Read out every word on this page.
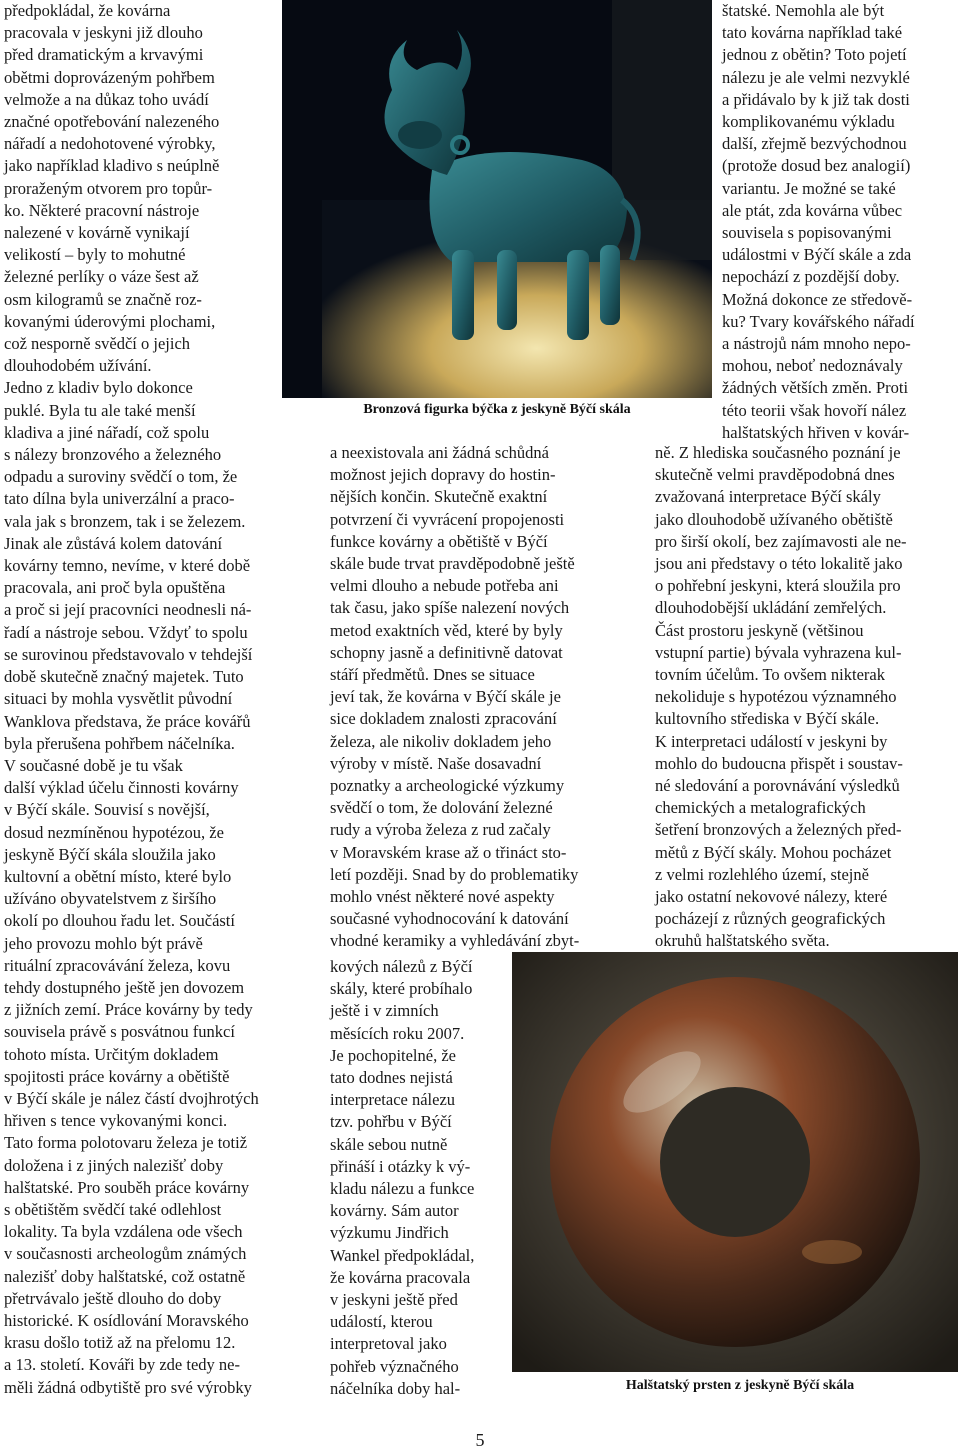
předpokládal, že kovárna
pracovala v jeskyni již dlouho
před dramatickým a krvavými
obětmi doprovázeným pohřbem
velmože a na důkaz toho uvádí
značné opotřebování nalezeného
nářadí a nedohotovené výrobky,
jako například kladivo s neúplně
proraženým otvorem pro topůr-
ko. Některé pracovní nástroje
nalezené v kovárně vynikají
velikostí – byly to mohutné
železné perlíky o váze šest až
osm kilogramů se značně roz-
kovanými úderovými plochami,
což nesporně svědčí o jejich
dlouhodobém užívání.
Jedno z kladiv bylo dokonce
puklé. Byla tu ale také menší
kladiva a jiné nářadí, což spolu
s nálezy bronzového a železného
odpadu a suroviny svědčí o tom, že
tato dílna byla univerzální a praco-
vala jak s bronzem, tak i se železem.
Jinak ale zůstává kolem datování
kovárny temno, nevíme, v které době
pracovala, ani proč byla opuštěna
a proč si její pracovníci neodnesli ná-
řadí a nástroje sebou. Vždyť to spolu
se surovinou představovalo v tehdejší
době skutečně značný majetek. Tuto
situaci by mohla vysvětlit původní
Wanklova představa, že práce kovářů
byla přerušena pohřbem náčelníka.
V současné době je tu však
další výklad účelu činnosti kovárny
v Býčí skále. Souvisí s novější,
dosud nezmíněnou hypotézou, že
jeskyně Býčí skála sloužila jako
kultovní a obětní místo, které bylo
užíváno obyvatelstvem z širšího
okolí po dlouhou řadu let. Součástí
jeho provozu mohlo být právě
rituální zpracovávání železa, kovu
tehdy dostupného ještě jen dovozem
z jižních zemí. Práce kovárny by tedy
souvisela právě s posvátnou funkcí
tohoto místa. Určitým dokladem
spojitosti práce kovárny a obětiště
v Býčí skále je nález částí dvojhrotých
hřiven s tence vykovanými konci.
Tato forma polotovaru železa je totiž
doložena i z jiných nalezišť doby
halštatské. Pro souběh práce kovárny
s obětištěm svědčí také odlehlost
lokality. Ta byla vzdálena ode všech
v současnosti archeologům známých
nalezišť doby halštatské, což ostatně
přetrvávalo ještě dlouho do doby
historické. K osídlování Moravského
krasu došlo totiž až na přelomu 12.
a 13. století. Kováři by zde tedy ne-
měli žádná odbytiště pro své výrobky
Bronzová figurka býčka z jeskyně Býčí skála
a neexistovala ani žádná schůdná
možnost jejich dopravy do hostin-
nějších končin. Skutečně exaktní
potvrzení či vyvrácení propojenosti
funkce kovárny a obětiště v Býčí
skále bude trvat pravděpodobně ještě
velmi dlouho a nebude potřeba ani
tak času, jako spíše nalezení nových
metod exaktních věd, které by byly
schopny jasně a definitivně datovat
stáří předmětů. Dnes se situace
jeví tak, že kovárna v Býčí skále je
sice dokladem znalosti zpracování
železa, ale nikoliv dokladem jeho
výroby v místě. Naše dosavadní
poznatky a archeologické výzkumy
svědčí o tom, že dolování železné
rudy a výroba železa z rud začaly
v Moravském krase až o třináct sto-
letí později. Snad by do problematiky
mohlo vnést některé nové aspekty
současné vyhodnocování k datování
vhodné keramiky a vyhledávání zbyt-
kových nálezů z Býčí
skály, které probíhalo
ještě i v zimních
měsících roku 2007.
Je pochopitelné, že
tato dodnes nejistá
interpretace nálezu
tzv. pohřbu v Býčí
skále sebou nutně
přináší i otázky k vý-
kladu nálezu a funkce
kovárny. Sám autor
výzkumu Jindřich
Wankel předpokládal,
že kovárna pracovala
v jeskyni ještě před
událostí, kterou
interpretoval jako
pohřeb význačného
náčelníka doby hal-
štatské. Nemohla ale být
tato kovárna například také
jednou z obětin? Toto pojetí
nálezu je ale velmi nezvyklé
a přidávalo by k již tak dosti
komplikovanému výkladu
další, zřejmě bezvýchodnou
(protože dosud bez analogií)
variantu. Je možné se také
ale ptát, zda kovárna vůbec
souvisela s popisovanými
událostmi v Býčí skále a zda
nepochází z pozdější doby.
Možná dokonce ze středově-
ku? Tvary kovářského nářadí
a nástrojů nám mnoho nepo-
mohou, neboť nedoznávaly
žádných větších změn. Proti
této teorii však hovoří nález
halštatských hřiven v kovár-
ně. Z hlediska současného poznání je
skutečně velmi pravděpodobná dnes
zvažovaná interpretace Býčí skály
jako dlouhodobě užívaného obětiště
pro širší okolí, bez zajímavosti ale ne-
jsou ani představy o této lokalitě jako
o pohřební jeskyni, která sloužila pro
dlouhodobější ukládání zemřelých.
Část prostoru jeskyně (většinou
vstupní partie) bývala vyhrazena kul-
tovním účelům. To ovšem nikterak
nekoliduje s hypotézou významného
kultovního střediska v Býčí skále.
K interpretaci událostí v jeskyni by
mohlo do budoucna přispět i soustav-
né sledování a porovnávání výsledků
chemických a metalografických
šetření bronzových a železných před-
mětů z Býčí skály. Mohou pocházet
z velmi rozlehlého území, stejně
jako ostatní nekovové nálezy, které
pocházejí z různých geografických
okruhů halštatského světa.
Halštatský prsten z jeskyně Býčí skála
5
